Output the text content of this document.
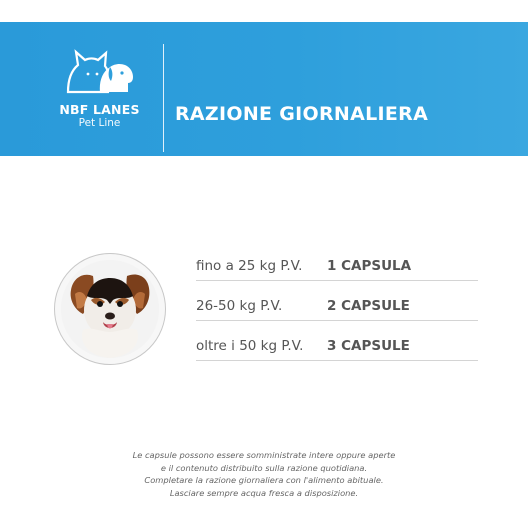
NBF LANES
Pet Line	RAZIONE GIORNALIERA
fino a 25 kg P.V. 1 CAPSULA
26-50 kg P.V.	2 CAPSULE
oltre i 50 kg P.V. 3 CAPSULE
Le capsule possono essere somministrate intere oppure aperte
e il contenuto distribuito sulla razione quotidiana.
Completare la razione giornaliera con l'alimento abituale.
Lasciare sempre acqua fresca a disposizione.
